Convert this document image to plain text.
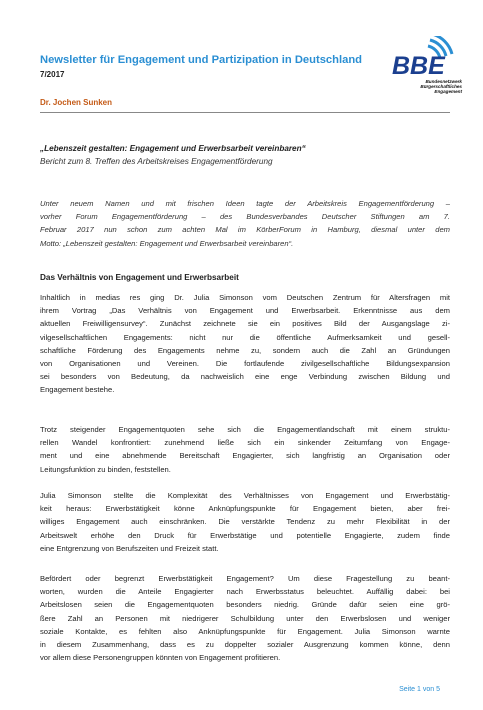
Newsletter für Engagement und Partizipation in Deutschland
7/2017	BBE
Bundesnetzwerk
Bürgerschaftliches
Engagement
Dr. Jochen Sunken
„Lebenszeit gestalten: Engagement und Erwerbsarbeit vereinbaren“
Bericht zum 8. Treffen des Arbeitskreises Engagementförderung
Unter neuem Namen und mit frischen Ideen tagte der Arbeitskreis Engagementförderung –
vorher Forum Engagementförderung – des Bundesverbandes Deutscher Stiftungen am 7.
Februar 2017 nun schon zum achten Mal im KörberForum in Hamburg, diesmal unter dem
Motto: „Lebenszeit gestalten: Engagement und Erwerbsarbeit vereinbaren“.
Das Verhältnis von Engagement und Erwerbsarbeit
Inhaltlich in medias res ging Dr. Julia Simonson vom Deutschen Zentrum für Altersfragen mit
ihrem Vortrag „Das Verhältnis von Engagement und Erwerbsarbeit. Erkenntnisse aus dem
aktuellen Freiwilligensurvey“. Zunächst zeichnete sie ein positives Bild der Ausgangslage zi-
vilgesellschaftlichen Engagements: nicht nur die öffentliche Aufmerksamkeit und gesell-
schaftliche Förderung des Engagements nehme zu, sondern auch die Zahl an Gründungen
von Organisationen und Vereinen. Die fortlaufende zivilgesellschaftliche Bildungsexpansion
sei besonders von Bedeutung, da nachweislich eine enge Verbindung zwischen Bildung und
Engagement bestehe.
Trotz steigender Engagementquoten sehe sich die Engagementlandschaft mit einem struktu-
rellen Wandel konfrontiert: zunehmend ließe sich ein sinkender Zeitumfang von Engage-
ment und eine abnehmende Bereitschaft Engagierter, sich langfristig an Organisation oder
Leitungsfunktion zu binden, feststellen.
Julia Simonson stellte die Komplexität des Verhältnisses von Engagement und Erwerbstätig-
keit heraus: Erwerbstätigkeit könne Anknüpfungspunkte für Engagement bieten, aber frei-
williges Engagement auch einschränken. Die verstärkte Tendenz zu mehr Flexibilität in der
Arbeitswelt erhöhe den Druck für Erwerbstätige und potentielle Engagierte, zudem finde
eine Entgrenzung von Berufszeiten und Freizeit statt.
Befördert oder begrenzt Erwerbstätigkeit Engagement? Um diese Fragestellung zu beant-
worten, wurden die Anteile Engagierter nach Erwerbsstatus beleuchtet. Auffällig dabei: bei
Arbeitslosen seien die Engagementquoten besonders niedrig. Gründe dafür seien eine grö-
ßere Zahl an Personen mit niedrigerer Schulbildung unter den Erwerbslosen und weniger
soziale Kontakte, es fehlten also Anknüpfungspunkte für Engagement. Julia Simonson warnte
in diesem Zusammenhang, dass es zu doppelter sozialer Ausgrenzung kommen könne, denn
vor allem diese Personengruppen könnten von Engagement profitieren.
Seite 1 von 5
